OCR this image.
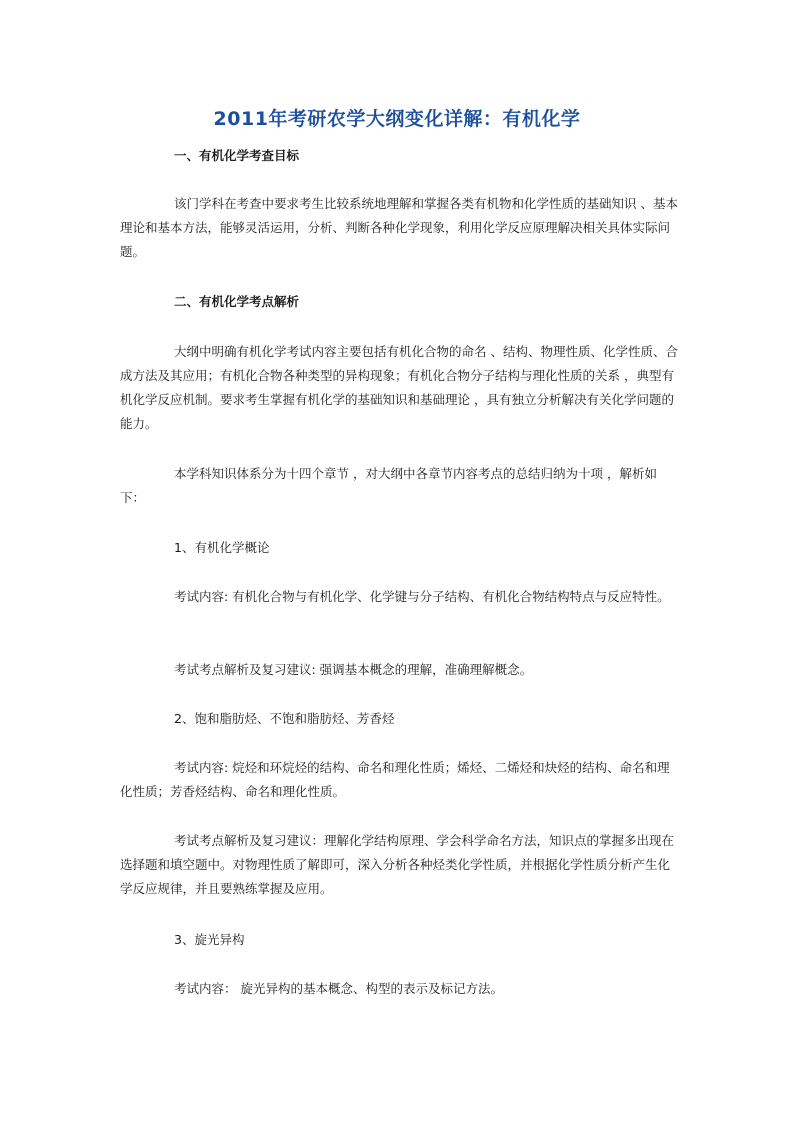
2011年考研农学大纲变化详解：有机化学

一、有机化学考查目标

该门学科在考查中要求考生比较系统地理解和掌握各类有机物和化学性质的基础知识 、基本理论和基本方法，能够灵活运用，分析、判断各种化学现象，利用化学反应原理解决相关具体实际问题。

二、有机化学考点解析

大纲中明确有机化学考试内容主要包括有机化合物的命名 、结构、物理性质、化学性质、合成方法及其应用；有机化合物各种类型的异构现象；有机化合物分子结构与理化性质的关系 ，典型有机化学反应机制。要求考生掌握有机化学的基础知识和基础理论 ，具有独立分析解决有关化学问题的能力。

本学科知识体系分为十四个章节 ，对大纲中各章节内容考点的总结归纳为十项 ，解析如下：

1、有机化学概论

考试内容: 有机化合物与有机化学、化学键与分子结构、有机化合物结构特点与反应特性。

考试考点解析及复习建议: 强调基本概念的理解，准确理解概念。

2、饱和脂肪烃、不饱和脂肪烃、芳香烃

考试内容: 烷烃和环烷烃的结构、命名和理化性质；烯烃、二烯烃和炔烃的结构、命名和理化性质；芳香烃结构、命名和理化性质。

考试考点解析及复习建议：理解化学结构原理、学会科学命名方法，知识点的掌握多出现在选择题和填空题中。对物理性质了解即可，深入分析各种烃类化学性质，并根据化学性质分析产生化学反应规律，并且要熟练掌握及应用。

3、旋光异构

考试内容： 旋光异构的基本概念、构型的表示及标记方法。
